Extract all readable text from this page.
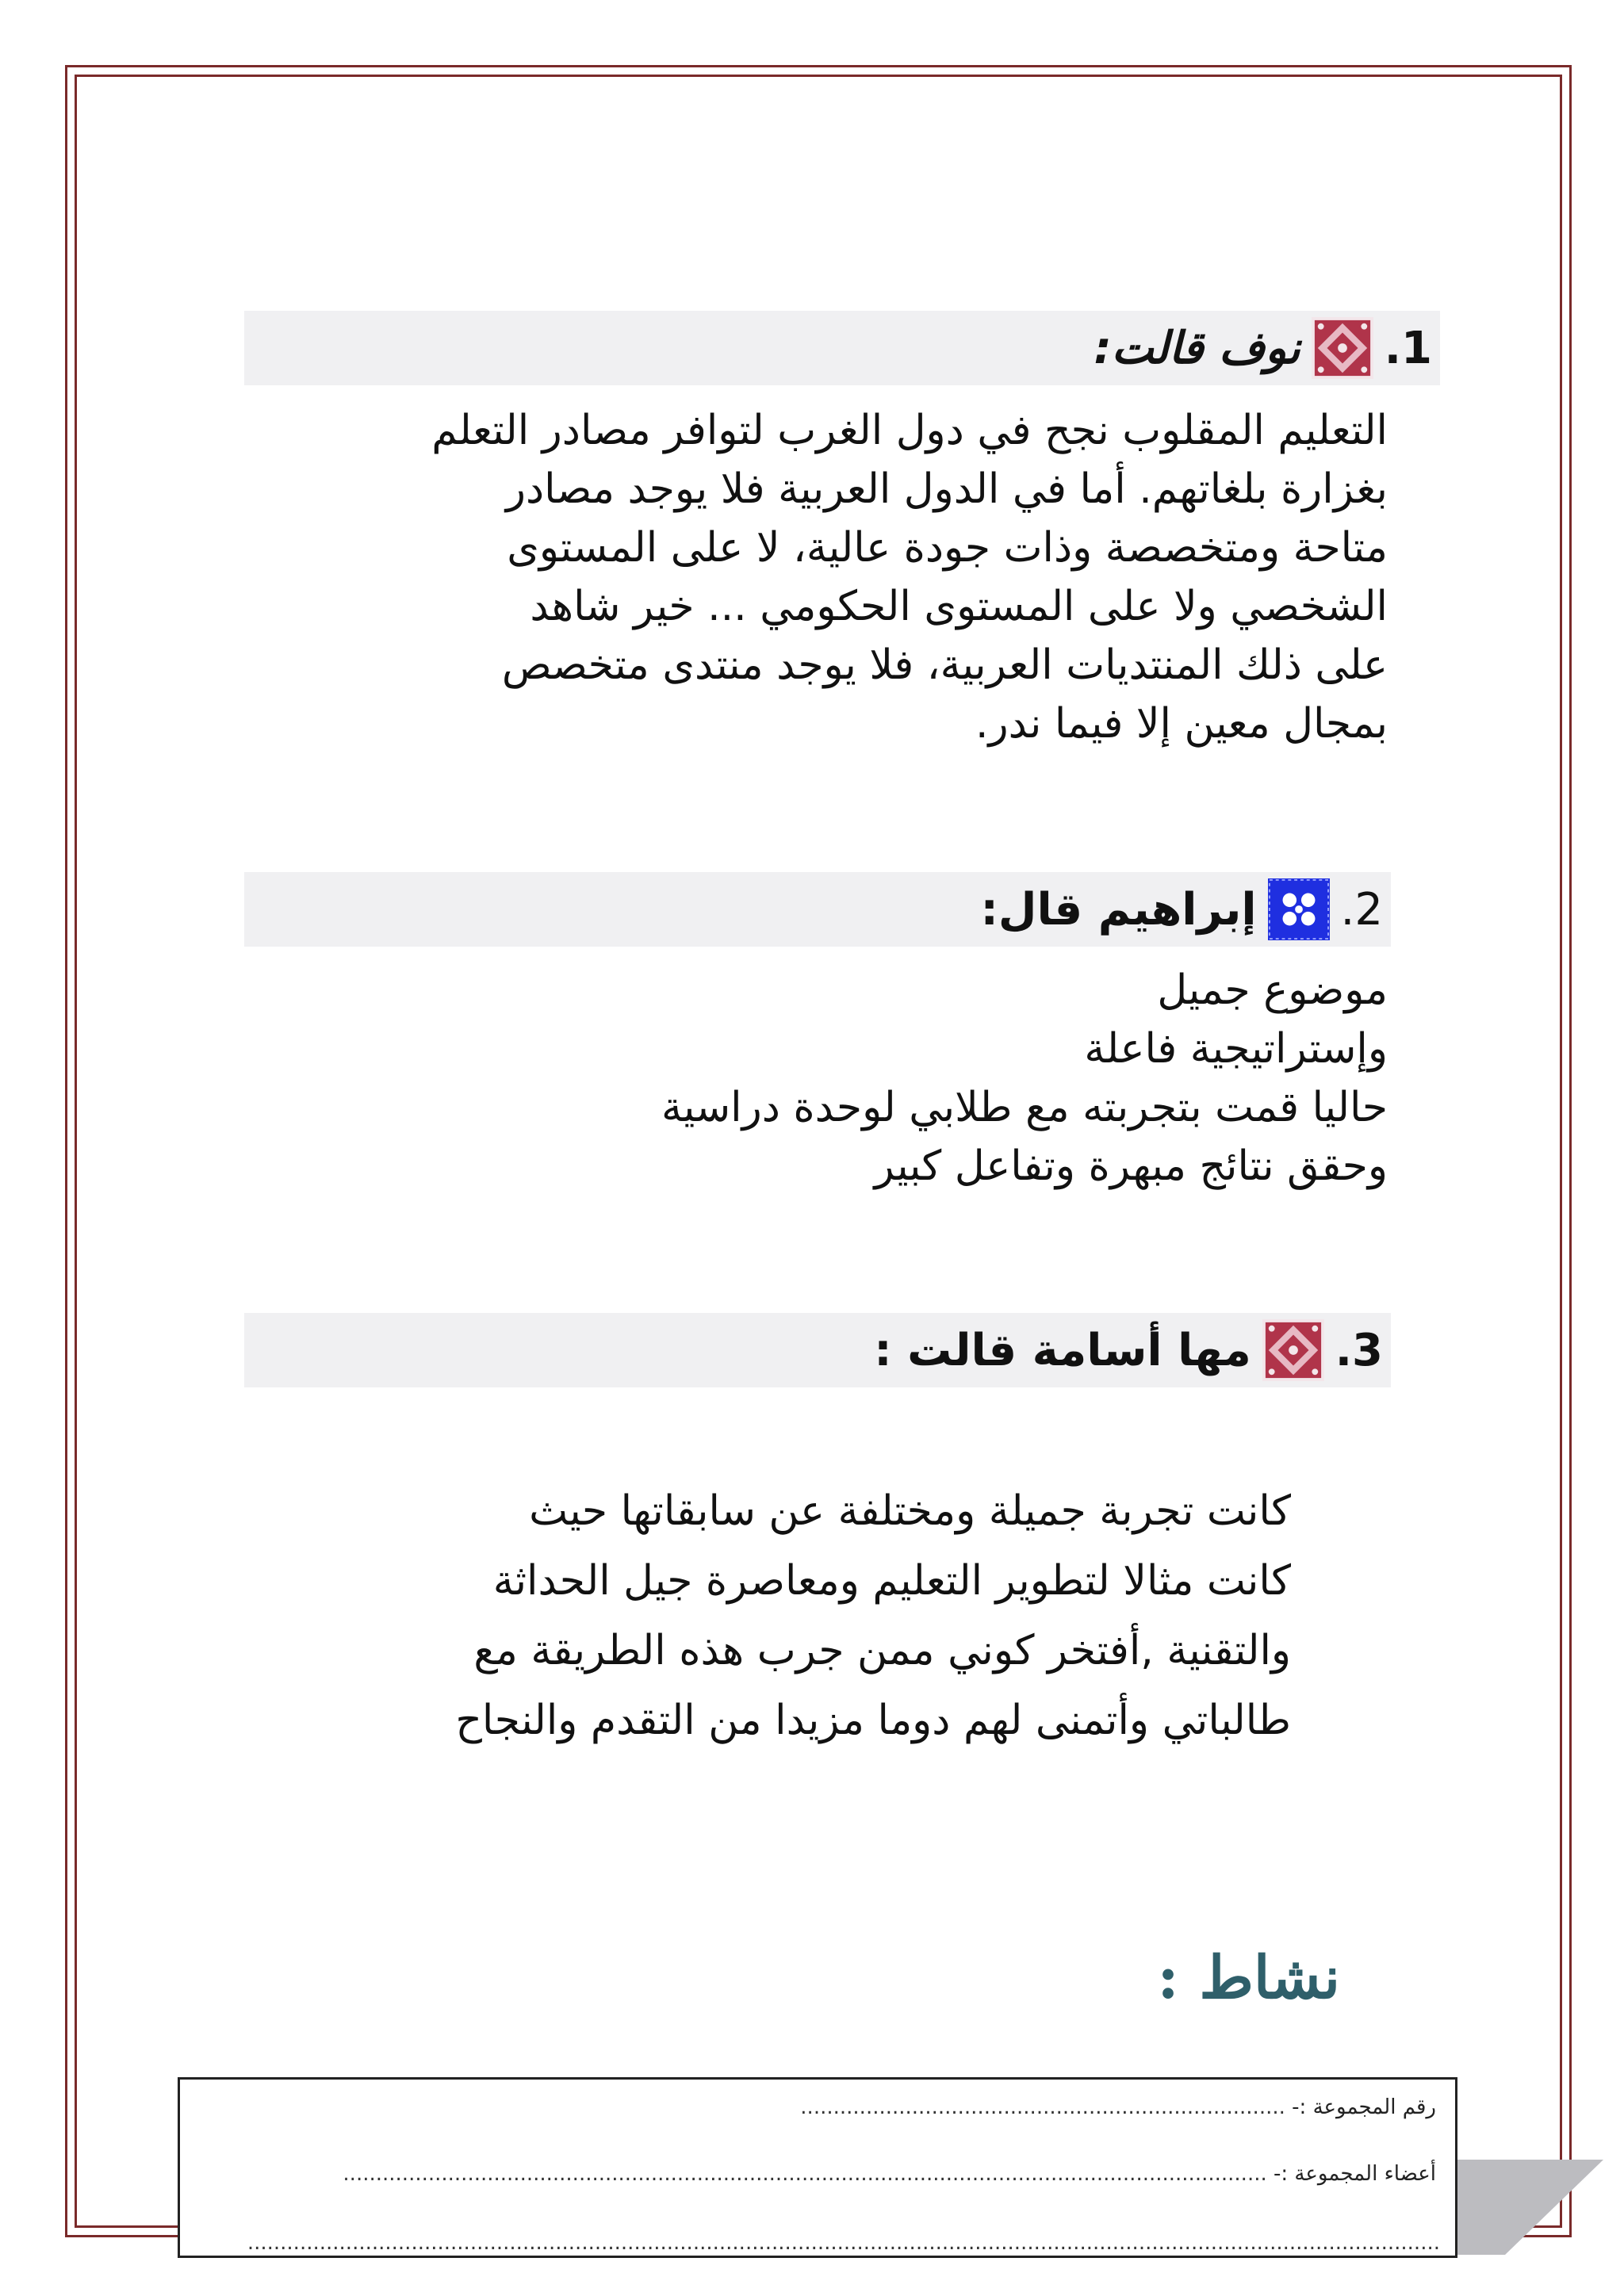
1.
نوف قالت:
التعليم المقلوب نجح في دول الغرب لتوافر مصادر التعلم
بغزارة بلغاتهم. أما في الدول العربية فلا يوجد مصادر
متاحة ومتخصصة وذات جودة عالية، لا على المستوى
الشخصي ولا على المستوى الحكومي ... خير شاهد
على ذلك المنتديات العربية، فلا يوجد منتدى متخصص
بمجال معين إلا فيما ندر.
2.
إبراهيم قال:
موضوع جميل
وإستراتيجية فاعلة
حاليا قمت بتجربته مع طلابي لوحدة دراسية
وحقق نتائج مبهرة وتفاعل كبير
3.
مها أسامة قالت :
كانت تجربة جميلة ومختلفة عن سابقاتها حيث
كانت مثالا لتطوير التعليم ومعاصرة جيل الحداثة
والتقنية ,أفتخر كوني ممن جرب هذه الطريقة مع
طالباتي وأتمنى لهم دوما مزيدا من التقدم والنجاح
نشاط :
رقم المجموعة :- ..........................................................................
أعضاء المجموعة :- .............................................................................................................................................
......................................................................................................................................................................................
